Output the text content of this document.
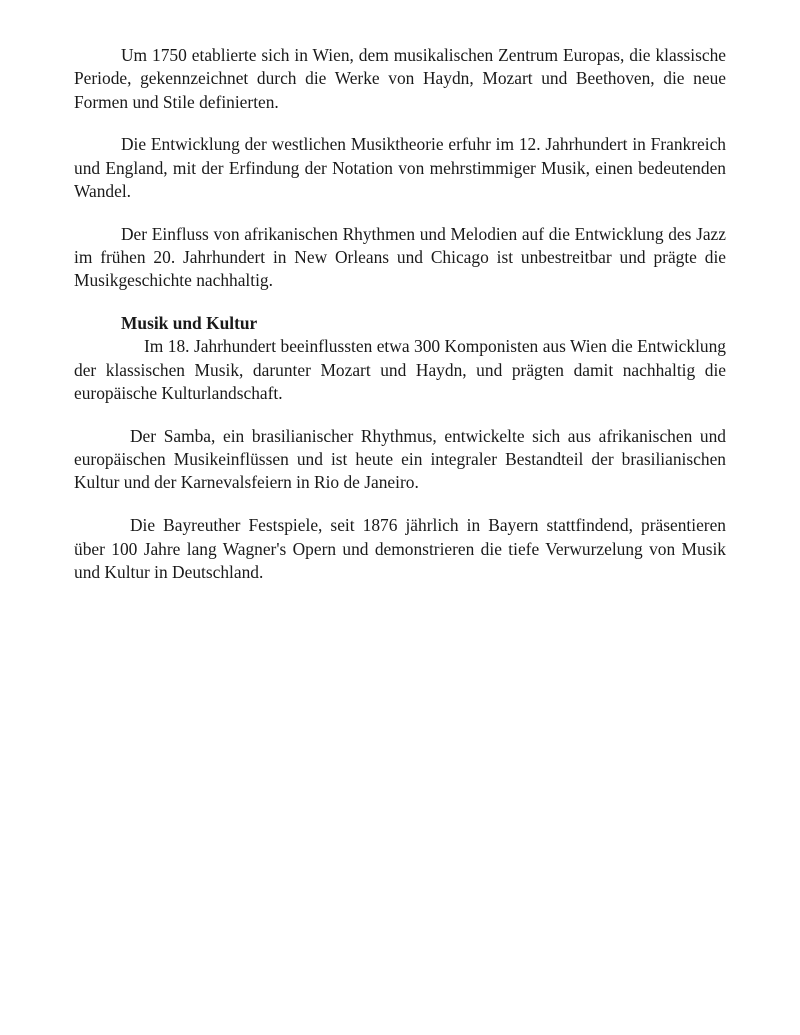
Um 1750 etablierte sich in Wien, dem musikalischen Zentrum Europas, die klassische Periode, gekennzeichnet durch die Werke von Haydn, Mozart und Beethoven, die neue Formen und Stile definierten.

Die Entwicklung der westlichen Musiktheorie erfuhr im 12. Jahrhundert in Frankreich und England, mit der Erfindung der Notation von mehrstimmiger Musik, einen bedeutenden Wandel.

Der Einfluss von afrikanischen Rhythmen und Melodien auf die Entwicklung des Jazz im frühen 20. Jahrhundert in New Orleans und Chicago ist unbestreitbar und prägte die Musikgeschichte nachhaltig.

Musik und Kultur

Im 18. Jahrhundert beeinflussten etwa 300 Komponisten aus Wien die Entwicklung der klassischen Musik, darunter Mozart und Haydn, und prägten damit nachhaltig die europäische Kulturlandschaft.

Der Samba, ein brasilianischer Rhythmus, entwickelte sich aus afrikanischen und europäischen Musikeinflüssen und ist heute ein integraler Bestandteil der brasilianischen Kultur und der Karnevalsfeiern in Rio de Janeiro.

Die Bayreuther Festspiele, seit 1876 jährlich in Bayern stattfindend, präsentieren über 100 Jahre lang Wagner's Opern und demonstrieren die tiefe Verwurzelung von Musik und Kultur in Deutschland.
